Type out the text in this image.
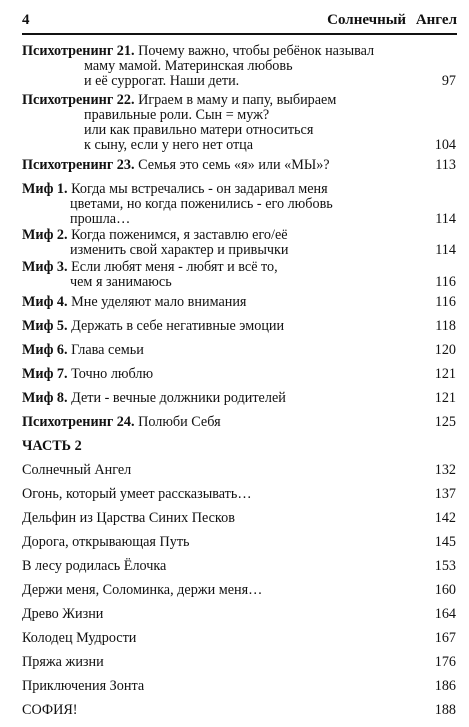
4	Солнечный Ангел
Психотренинг 21. Почему важно, чтобы ребёнок называл
маму мамой. Материнская любовь
и её суррогат. Наши дети.	97
Психотренинг 22. Играем в маму и папу, выбираем
правильные роли. Сын = муж?
или как правильно матери относиться
к сыну, если у него нет отца	104
Психотренинг 23. Семья это семь «я» или «МЫ»?	113
Миф 1. Когда мы встречались - он задаривал меня
цветами, но когда поженились - его любовь
прошла…	114
Миф 2. Когда поженимся, я заставлю его/её
изменить свой характер и привычки	114
Миф 3. Если любят меня - любят и всё то,
чем я занимаюсь	116
Миф 4. Мне уделяют мало внимания	116
Миф 5. Держать в себе негативные эмоции	118
Миф 6. Глава семьи	120
Миф 7. Точно люблю	121
Миф 8. Дети - вечные должники родителей	121
Психотренинг 24. Полюби Себя	125
ЧАСТЬ 2
Солнечный Ангел	132
Огонь, который умеет рассказывать…	137
Дельфин из Царства Синих Песков	142
Дорога, открывающая Путь	145
В лесу родилась Ёлочка	153
Держи меня, Соломинка, держи меня…	160
Древо Жизни	164
Колодец Мудрости	167
Пряжа жизни	176
Приключения Зонта	186
СОФИЯ!	188
